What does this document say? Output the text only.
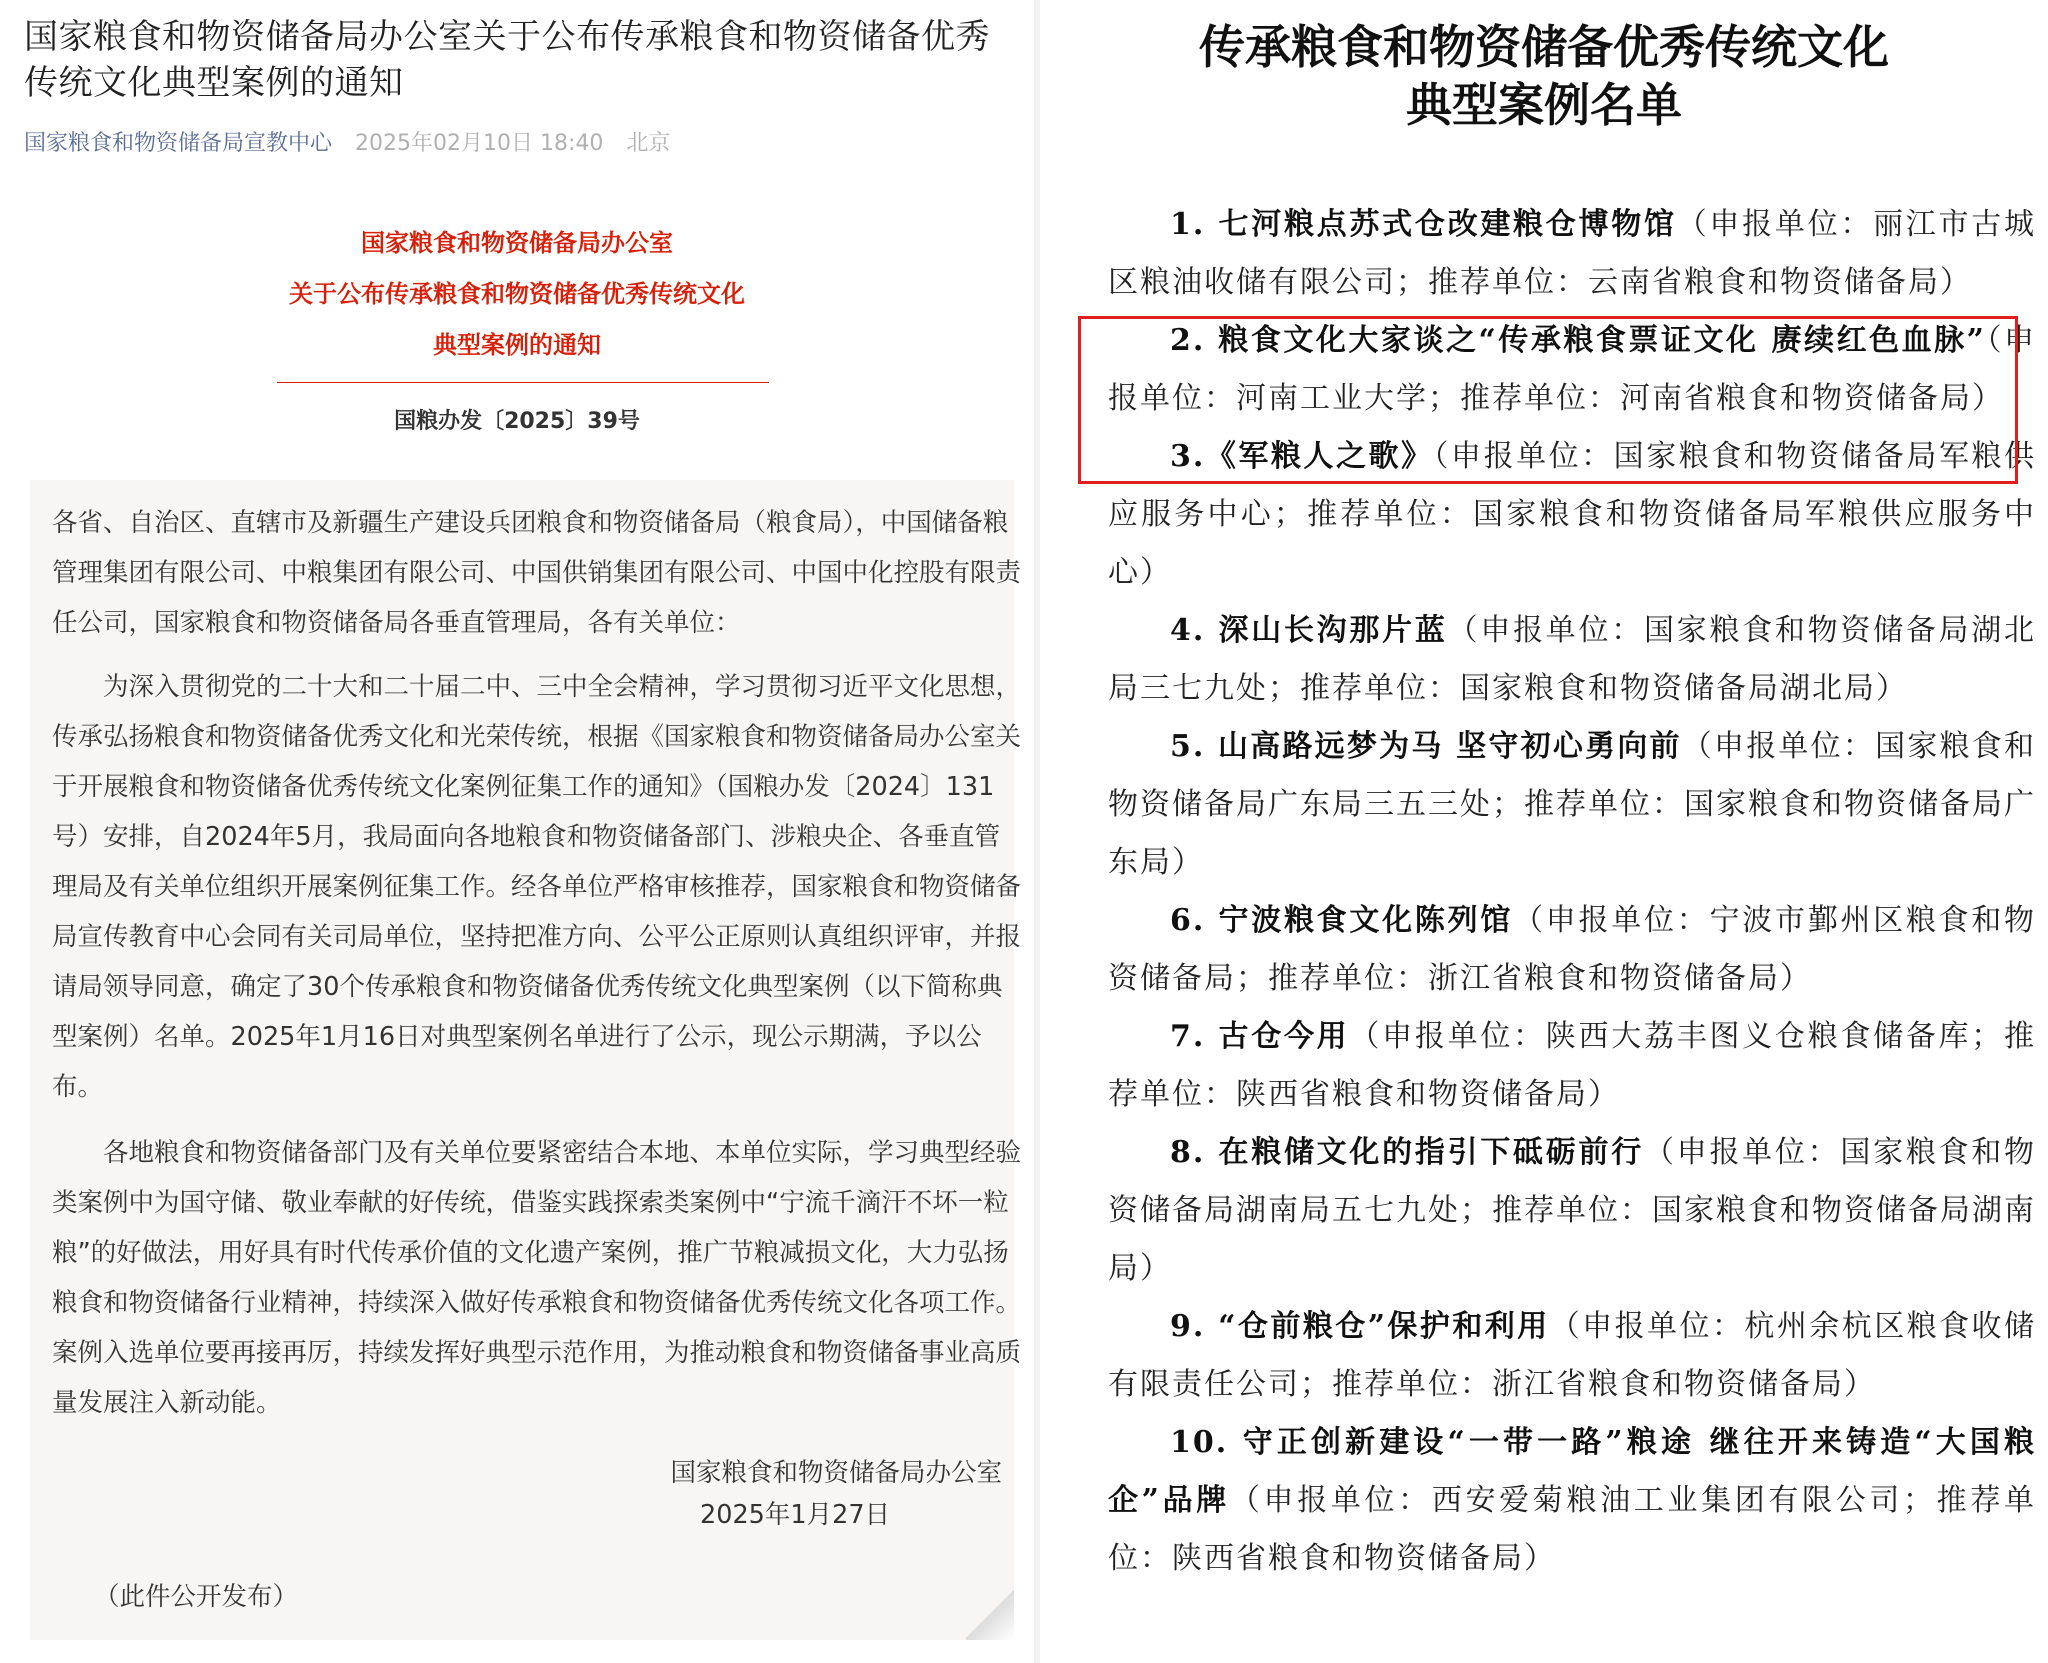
国家粮食和物资储备局办公室关于公布传承粮食和物资储备优秀传统文化典型案例的通知
国家粮食和物资储备局宣教中心 2025年02月10日 18:40 北京
国家粮食和物资储备局办公室
关于公布传承粮食和物资储备优秀传统文化
典型案例的通知
国粮办发〔2025〕39号

各省、自治区、直辖市及新疆生产建设兵团粮食和物资储备局（粮食局），中国储备粮管理集团有限公司、中粮集团有限公司、中国供销集团有限公司、中国中化控股有限责任公司，国家粮食和物资储备局各垂直管理局，各有关单位：

为深入贯彻党的二十大和二十届二中、三中全会精神，学习贯彻习近平文化思想，传承弘扬粮食和物资储备优秀文化和光荣传统，根据《国家粮食和物资储备局办公室关于开展粮食和物资储备优秀传统文化案例征集工作的通知》（国粮办发〔2024〕131号）安排，自2024年5月，我局面向各地粮食和物资储备部门、涉粮央企、各垂直管理局及有关单位组织开展案例征集工作。经各单位严格审核推荐，国家粮食和物资储备局宣传教育中心会同有关司局单位，坚持把准方向、公平公正原则认真组织评审，并报请局领导同意，确定了30个传承粮食和物资储备优秀传统文化典型案例（以下简称典型案例）名单。2025年1月16日对典型案例名单进行了公示，现公示期满，予以公布。

各地粮食和物资储备部门及有关单位要紧密结合本地、本单位实际，学习典型经验类案例中为国守储、敬业奉献的好传统，借鉴实践探索类案例中“宁流千滴汗不坏一粒粮”的好做法，用好具有时代传承价值的文化遗产案例，推广节粮减损文化，大力弘扬粮食和物资储备行业精神，持续深入做好传承粮食和物资储备优秀传统文化各项工作。案例入选单位要再接再厉，持续发挥好典型示范作用，为推动粮食和物资储备事业高质量发展注入新动能。

国家粮食和物资储备局办公室

2025年1月27日

（此件公开发布）

传承粮食和物资储备优秀传统文化
典型案例名单

1. 七河粮点苏式仓改建粮仓博物馆（申报单位：丽江市古城区粮油收储有限公司；推荐单位：云南省粮食和物资储备局）

2. 粮食文化大家谈之“传承粮食票证文化 赓续红色血脉”（申报单位：河南工业大学；推荐单位：河南省粮食和物资储备局）

3.《军粮人之歌》（申报单位：国家粮食和物资储备局军粮供应服务中心；推荐单位：国家粮食和物资储备局军粮供应服务中心）

4. 深山长沟那片蓝（申报单位：国家粮食和物资储备局湖北局三七九处；推荐单位：国家粮食和物资储备局湖北局）

5. 山高路远梦为马 坚守初心勇向前（申报单位：国家粮食和物资储备局广东局三五三处；推荐单位：国家粮食和物资储备局广东局）

6. 宁波粮食文化陈列馆（申报单位：宁波市鄞州区粮食和物资储备局；推荐单位：浙江省粮食和物资储备局）

7. 古仓今用（申报单位：陕西大荔丰图义仓粮食储备库；推荐单位：陕西省粮食和物资储备局）

8. 在粮储文化的指引下砥砺前行（申报单位：国家粮食和物资储备局湖南局五七九处；推荐单位：国家粮食和物资储备局湖南局）

9. “仓前粮仓”保护和利用（申报单位：杭州余杭区粮食收储有限责任公司；推荐单位：浙江省粮食和物资储备局）

10. 守正创新建设“一带一路”粮途 继往开来铸造“大国粮企”品牌（申报单位：西安爱菊粮油工业集团有限公司；推荐单位：陕西省粮食和物资储备局）
